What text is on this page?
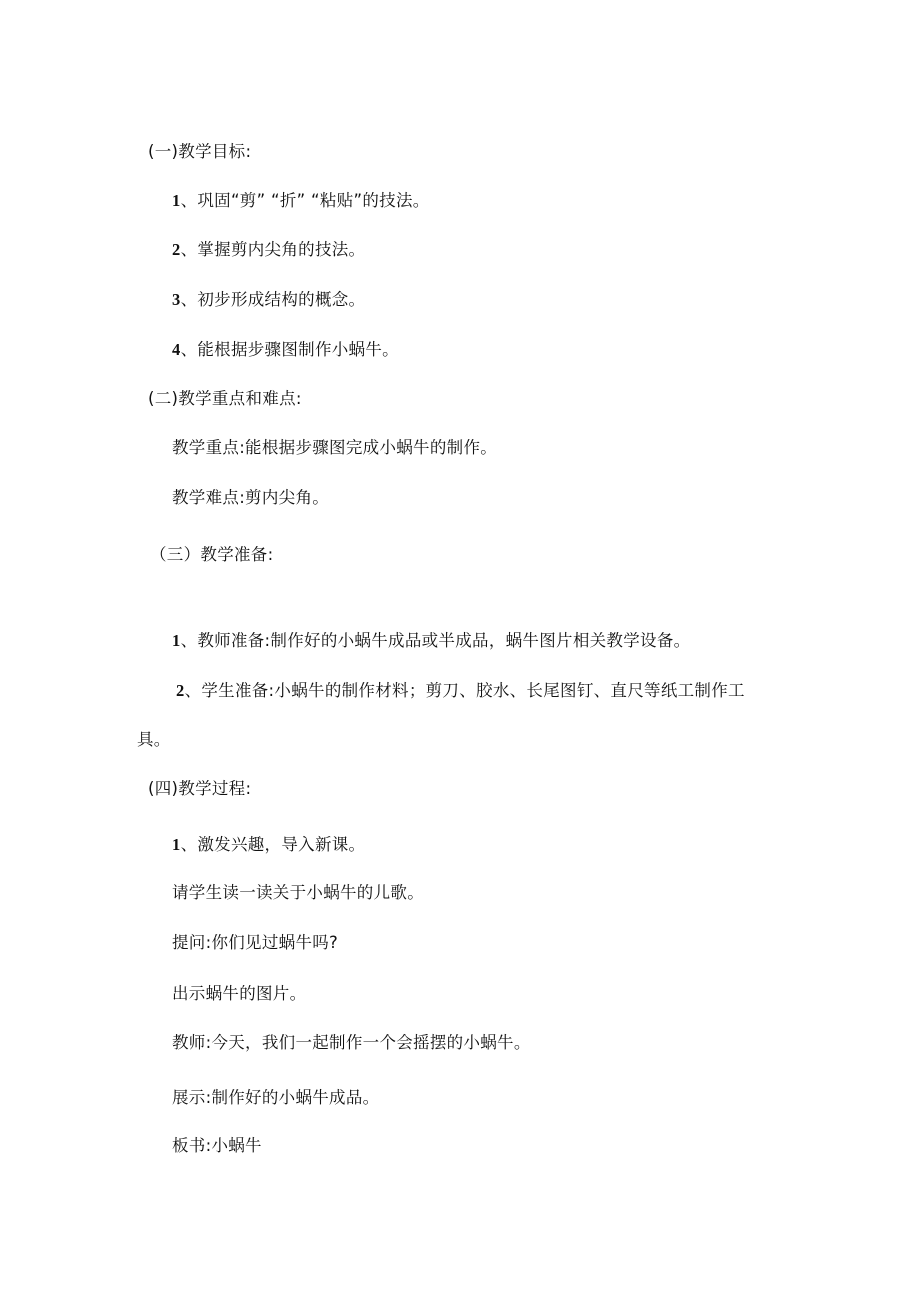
(一)教学目标:
1、巩固“剪” “折” “粘贴”的技法。
2、掌握剪内尖角的技法。
3、初步形成结构的概念。
4、能根据步骤图制作小蜗牛。
(二)教学重点和难点:
教学重点:能根据步骤图完成小蜗牛的制作。
教学难点:剪内尖角。
（三）教学准备:
1、教师准备:制作好的小蜗牛成品或半成品，蜗牛图片相关教学设备。
2、学生准备:小蜗牛的制作材料；剪刀、胶水、长尾图钉、直尺等纸工制作工
具。
(四)教学过程:
1、激发兴趣，导入新课。
请学生读一读关于小蜗牛的儿歌。
提问:你们见过蜗牛吗?
出示蜗牛的图片。
教师:今天，我们一起制作一个会摇摆的小蜗牛。
展示:制作好的小蜗牛成品。
板书:小蜗牛
